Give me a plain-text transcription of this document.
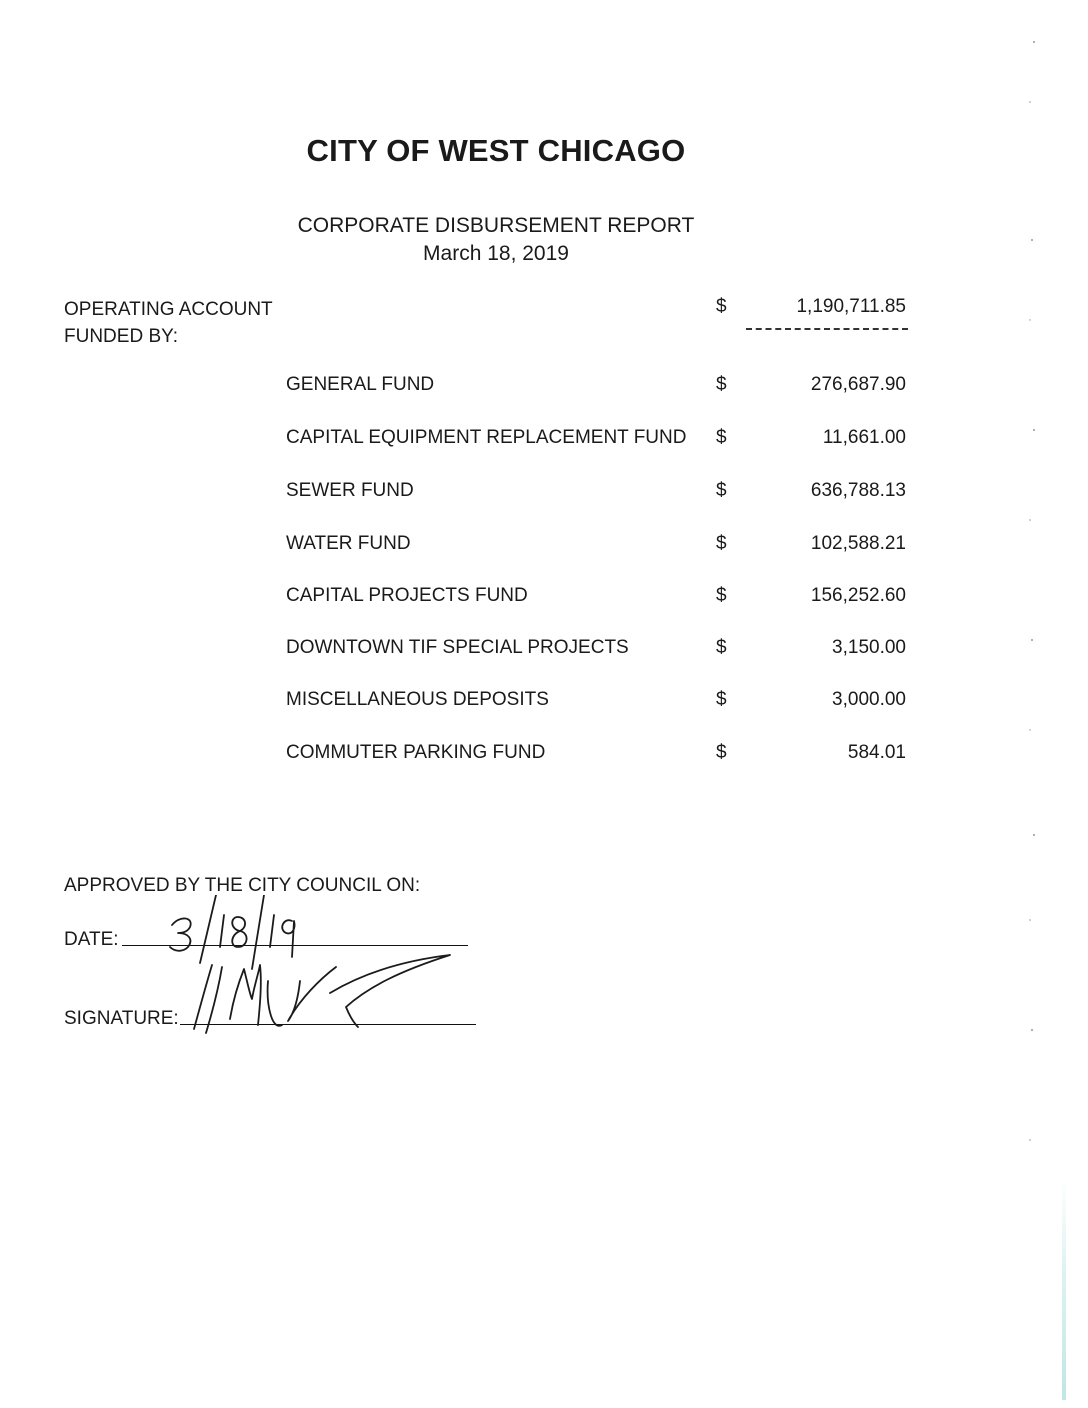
CITY OF WEST CHICAGO
CORPORATE DISBURSEMENT REPORT
March 18, 2019
OPERATING ACCOUNT
FUNDED BY:
$	1,190,711.85
GENERAL FUND	$	276,687.90
CAPITAL EQUIPMENT REPLACEMENT FUND $	11,661.00
SEWER FUND	$	636,788.13
WATER FUND	$	102,588.21
CAPITAL PROJECTS FUND	$	156,252.60
DOWNTOWN TIF SPECIAL PROJECTS	$	3,150.00
MISCELLANEOUS DEPOSITS	$	3,000.00
COMMUTER PARKING FUND	$	584.01
APPROVED BY THE CITY COUNCIL ON:
DATE:
SIGNATURE:
